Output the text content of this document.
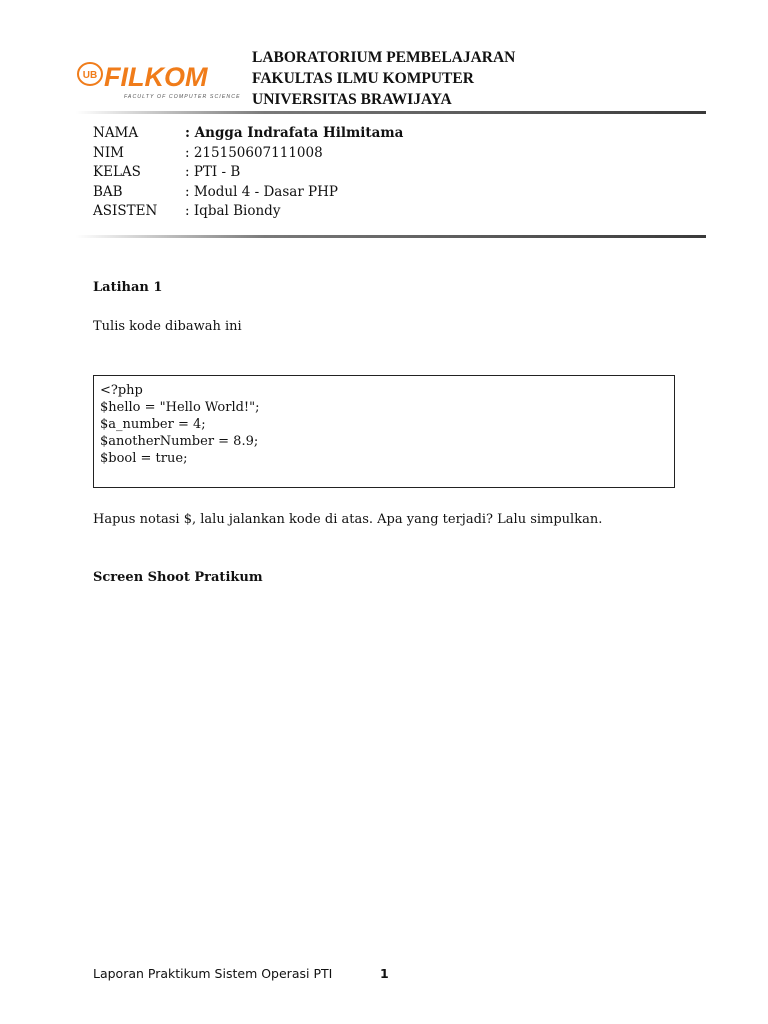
UB FILKOM
FACULTY OF COMPUTER SCIENCE
LABORATORIUM PEMBELAJARAN
FAKULTAS ILMU KOMPUTER
UNIVERSITAS BRAWIJAYA
NAMA	: Angga Indrafata Hilmitama
NIM	: 215150607111008
KELAS	: PTI - B
BAB	: Modul 4 - Dasar PHP
ASISTEN	: Iqbal Biondy
Latihan 1
Tulis kode dibawah ini
<?php
$hello = "Hello World!";
$a_number = 4;
$anotherNumber = 8.9;
$bool = true;
Hapus notasi $, lalu jalankan kode di atas. Apa yang terjadi? Lalu simpulkan.
Screen Shoot Pratikum
Laporan Praktikum Sistem Operasi PTI	1
